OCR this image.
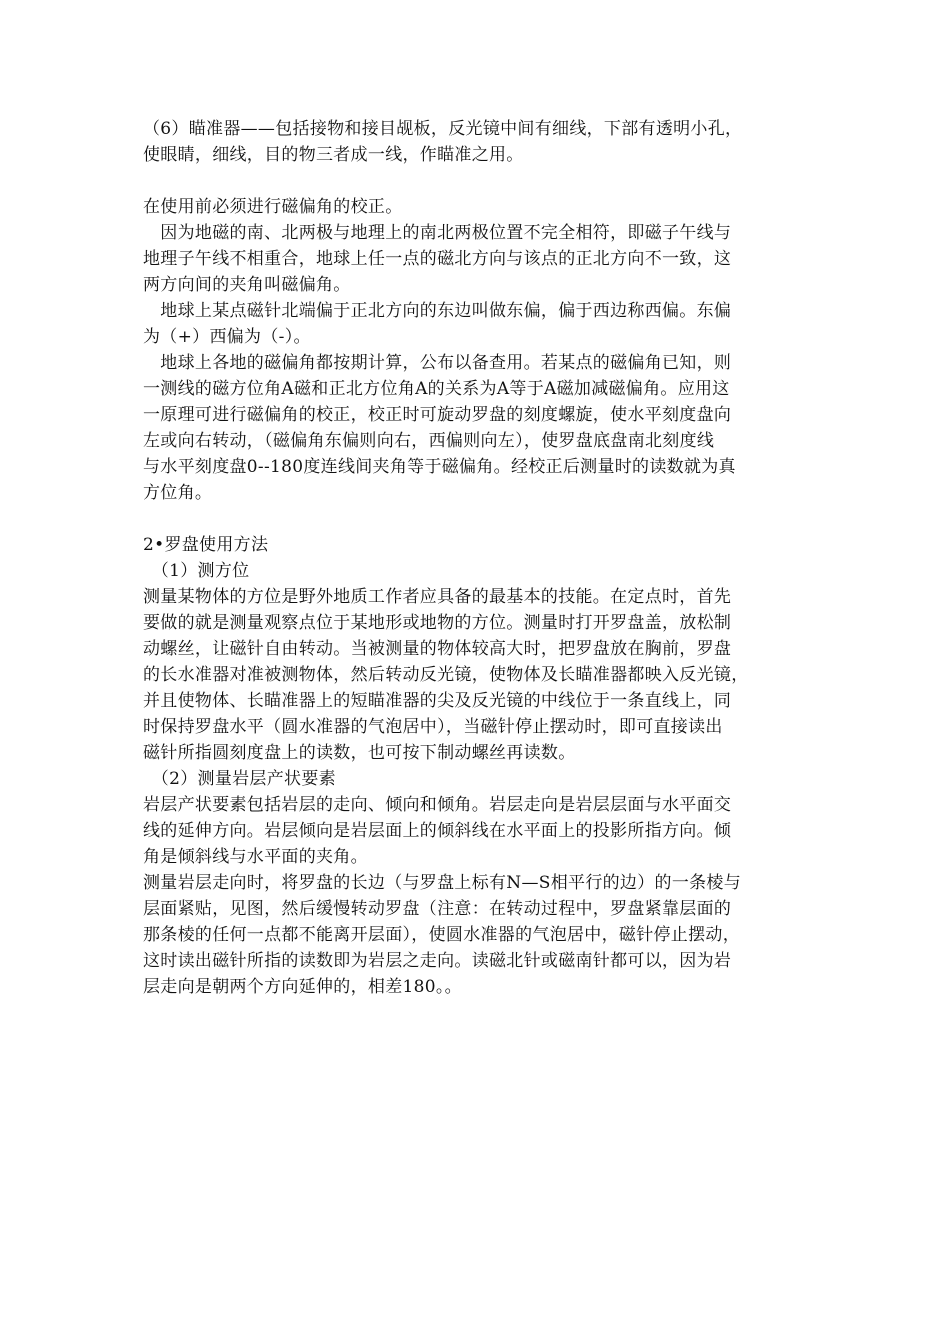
（6）瞄准器——包括接物和接目觇板，反光镜中间有细线，下部有透明小孔，
使眼睛，细线，目的物三者成一线，作瞄准之用。
在使用前必须进行磁偏角的校正。
　因为地磁的南、北两极与地理上的南北两极位置不完全相符，即磁子午线与
地理子午线不相重合，地球上任一点的磁北方向与该点的正北方向不一致，这
两方向间的夹角叫磁偏角。
　地球上某点磁针北端偏于正北方向的东边叫做东偏，偏于西边称西偏。东偏
为（+）西偏为（-）。
　地球上各地的磁偏角都按期计算，公布以备查用。若某点的磁偏角已知，则
一测线的磁方位角A磁和正北方位角A的关系为A等于A磁加减磁偏角。应用这
一原理可进行磁偏角的校正，校正时可旋动罗盘的刻度螺旋，使水平刻度盘向
左或向右转动，（磁偏角东偏则向右，西偏则向左），使罗盘底盘南北刻度线
与水平刻度盘0--180度连线间夹角等于磁偏角。经校正后测量时的读数就为真
方位角。
2•罗盘使用方法
　（1）测方位
测量某物体的方位是野外地质工作者应具备的最基本的技能。在定点时，首先
要做的就是测量观察点位于某地形或地物的方位。测量时打开罗盘盖，放松制
动螺丝，让磁针自由转动。当被测量的物体较高大时，把罗盘放在胸前，罗盘
的长水准器对准被测物体，然后转动反光镜，使物体及长瞄准器都映入反光镜，
并且使物体、长瞄准器上的短瞄准器的尖及反光镜的中线位于一条直线上，同
时保持罗盘水平（圆水准器的气泡居中），当磁针停止摆动时，即可直接读出
磁针所指圆刻度盘上的读数，也可按下制动螺丝再读数。
　（2）测量岩层产状要素
岩层产状要素包括岩层的走向、倾向和倾角。岩层走向是岩层层面与水平面交
线的延伸方向。岩层倾向是岩层面上的倾斜线在水平面上的投影所指方向。倾
角是倾斜线与水平面的夹角。
测量岩层走向时，将罗盘的长边（与罗盘上标有N—S相平行的边）的一条棱与
层面紧贴，见图，然后缓慢转动罗盘（注意：在转动过程中，罗盘紧靠层面的
那条棱的任何一点都不能离开层面），使圆水准器的气泡居中，磁针停止摆动，
这时读出磁针所指的读数即为岩层之走向。读磁北针或磁南针都可以，因为岩
层走向是朝两个方向延伸的，相差180。。
